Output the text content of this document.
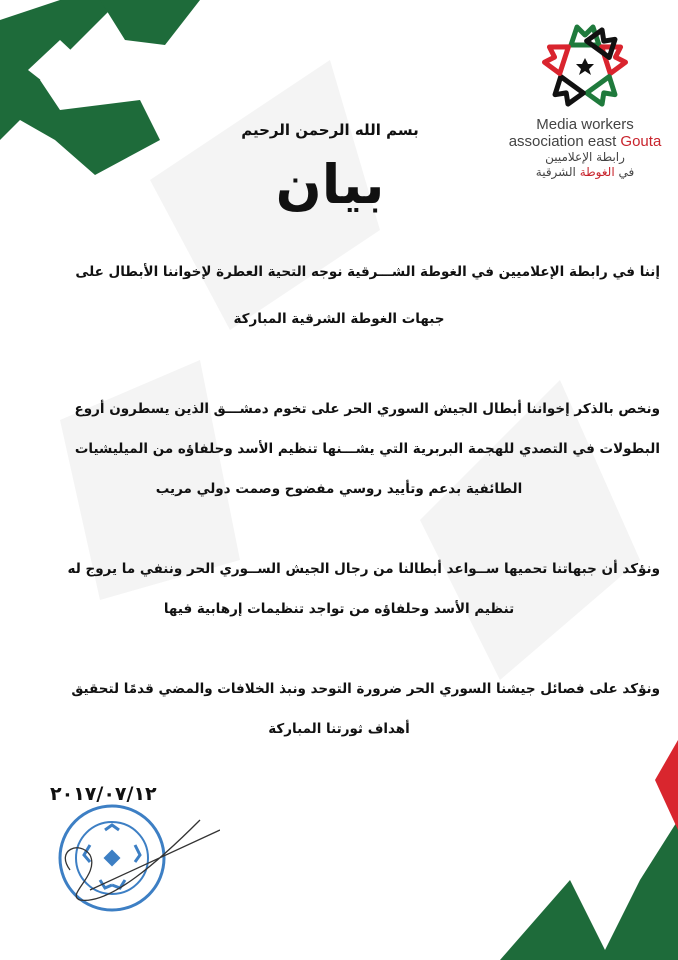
Media workers
association east Gouta
رابطة الإعلاميين
في الغوطة الشرقية
بسم الله الرحمن الرحيم
بيان
إننا في رابطة الإعلاميين في الغوطة الشـــرقية نوجه التحية العطرة لإخواننا الأبطال على
جبهات الغوطة الشرقية المباركة
ونخص بالذكر إخواننا أبطال الجيش السوري الحر على تخوم دمشـــق الذين يسطرون أروع
البطولات في التصدي للهجمة البربرية التي يشـــنها تنظيم الأسد وحلفاؤه من الميليشيات
الطائفية بدعم وتأييد روسي مفضوح وصمت دولي مريب
ونؤكد أن جبهاتنا تحميها ســواعد أبطالنا من رجال الجيش الســوري الحر وننفي ما يروج له
تنظيم الأسد وحلفاؤه من تواجد تنظيمات إرهابية فيها
ونؤكد على فصائل جيشنا السوري الحر ضرورة التوحد ونبذ الخلافات والمضي قدمًا لتحقيق
أهداف ثورتنا المباركة
٢٠١٧/٠٧/١٢
